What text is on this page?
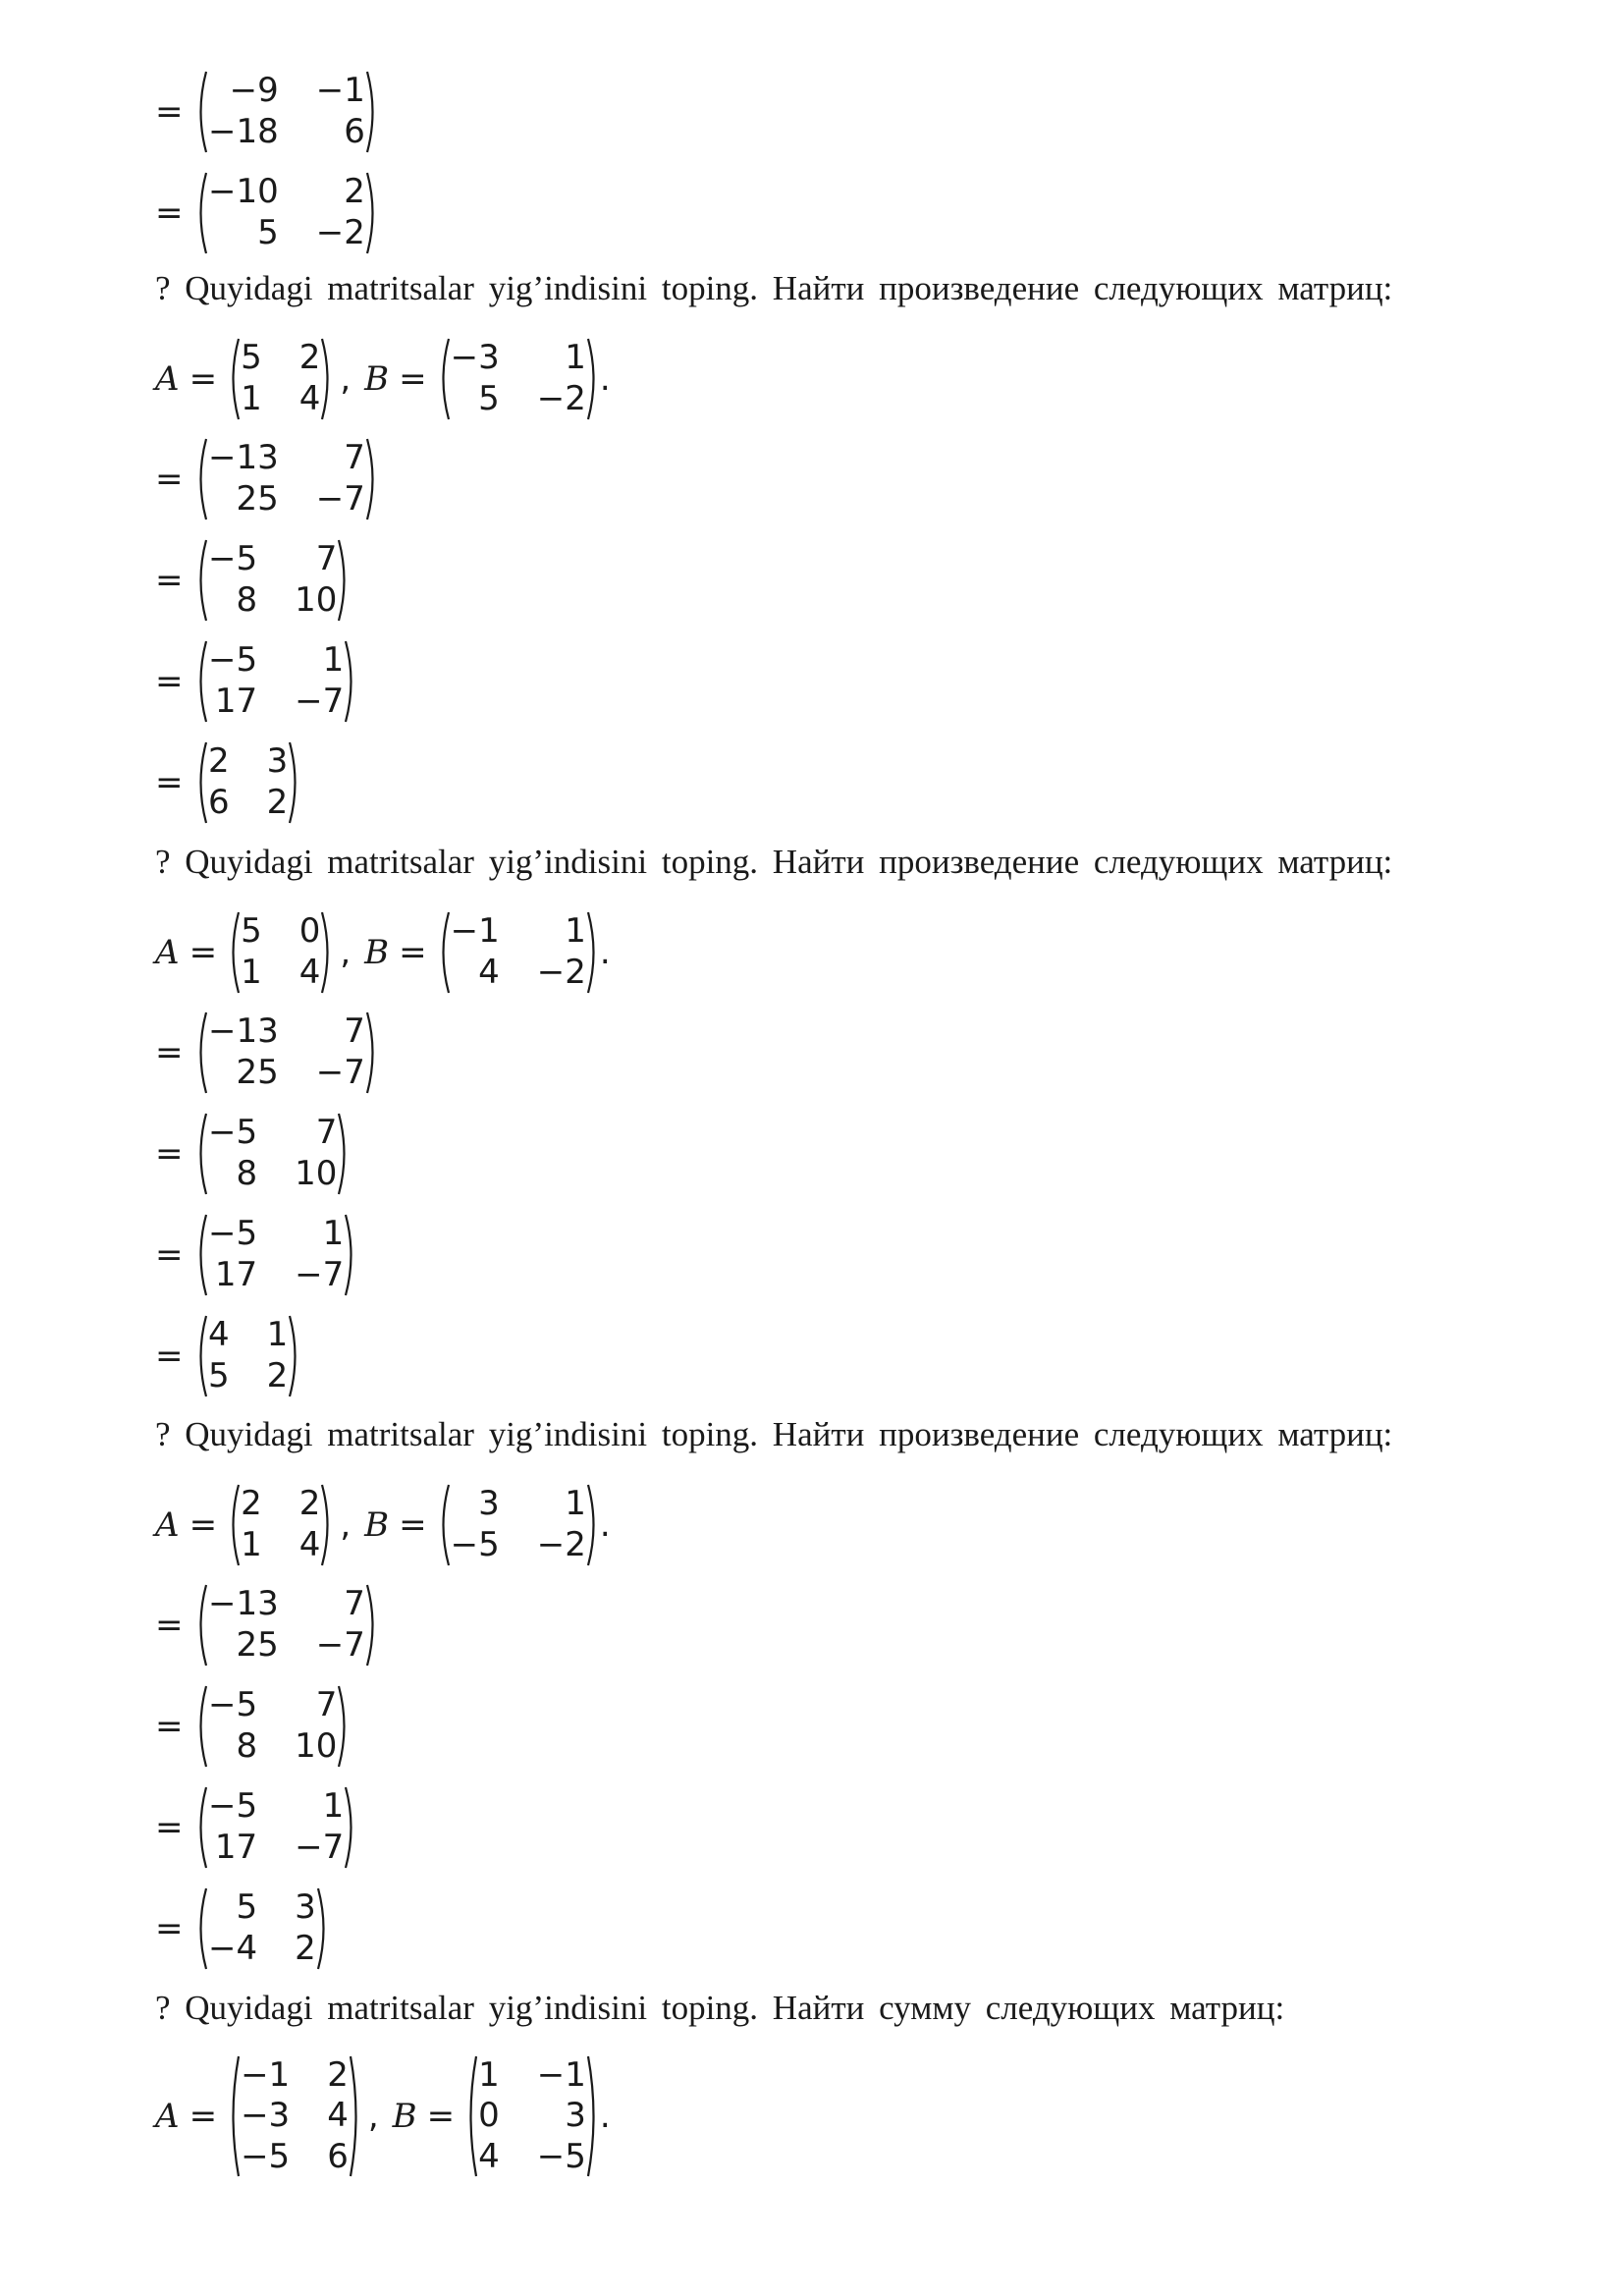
=
−9 −1
−18	6
=
−10	2
5 −2
? Quyidagi matritsalar yig’indisini toping. Найти произведение следующих матриц:
A =
5 2
1 4 , B =
−3	1
5 −2 .
=
−13	7
25 −7
=
−5	7
8 10
=
−5	1
17 −7
=
2 3
6 2
? Quyidagi matritsalar yig’indisini toping. Найти произведение следующих матриц:
A =
5 0
1 4 , B =
−1	1
4 −2 .
=
−13	7
25 −7
=
−5	7
8 10
=
−5	1
17 −7
=
4 1
5 2
? Quyidagi matritsalar yig’indisini toping. Найти произведение следующих матриц:
A =
2 2
1 4 , B =
3	1
−5 −2 .
=
−13	7
25 −7
=
−5	7
8 10
=
−5	1
17 −7
=
5 3
−4 2
? Quyidagi matritsalar yig’indisini toping. Найти сумму следующих матриц:
A =
−1 2
−3 4
−5 6
, B =
1 −1
0	3
4 −5
.
